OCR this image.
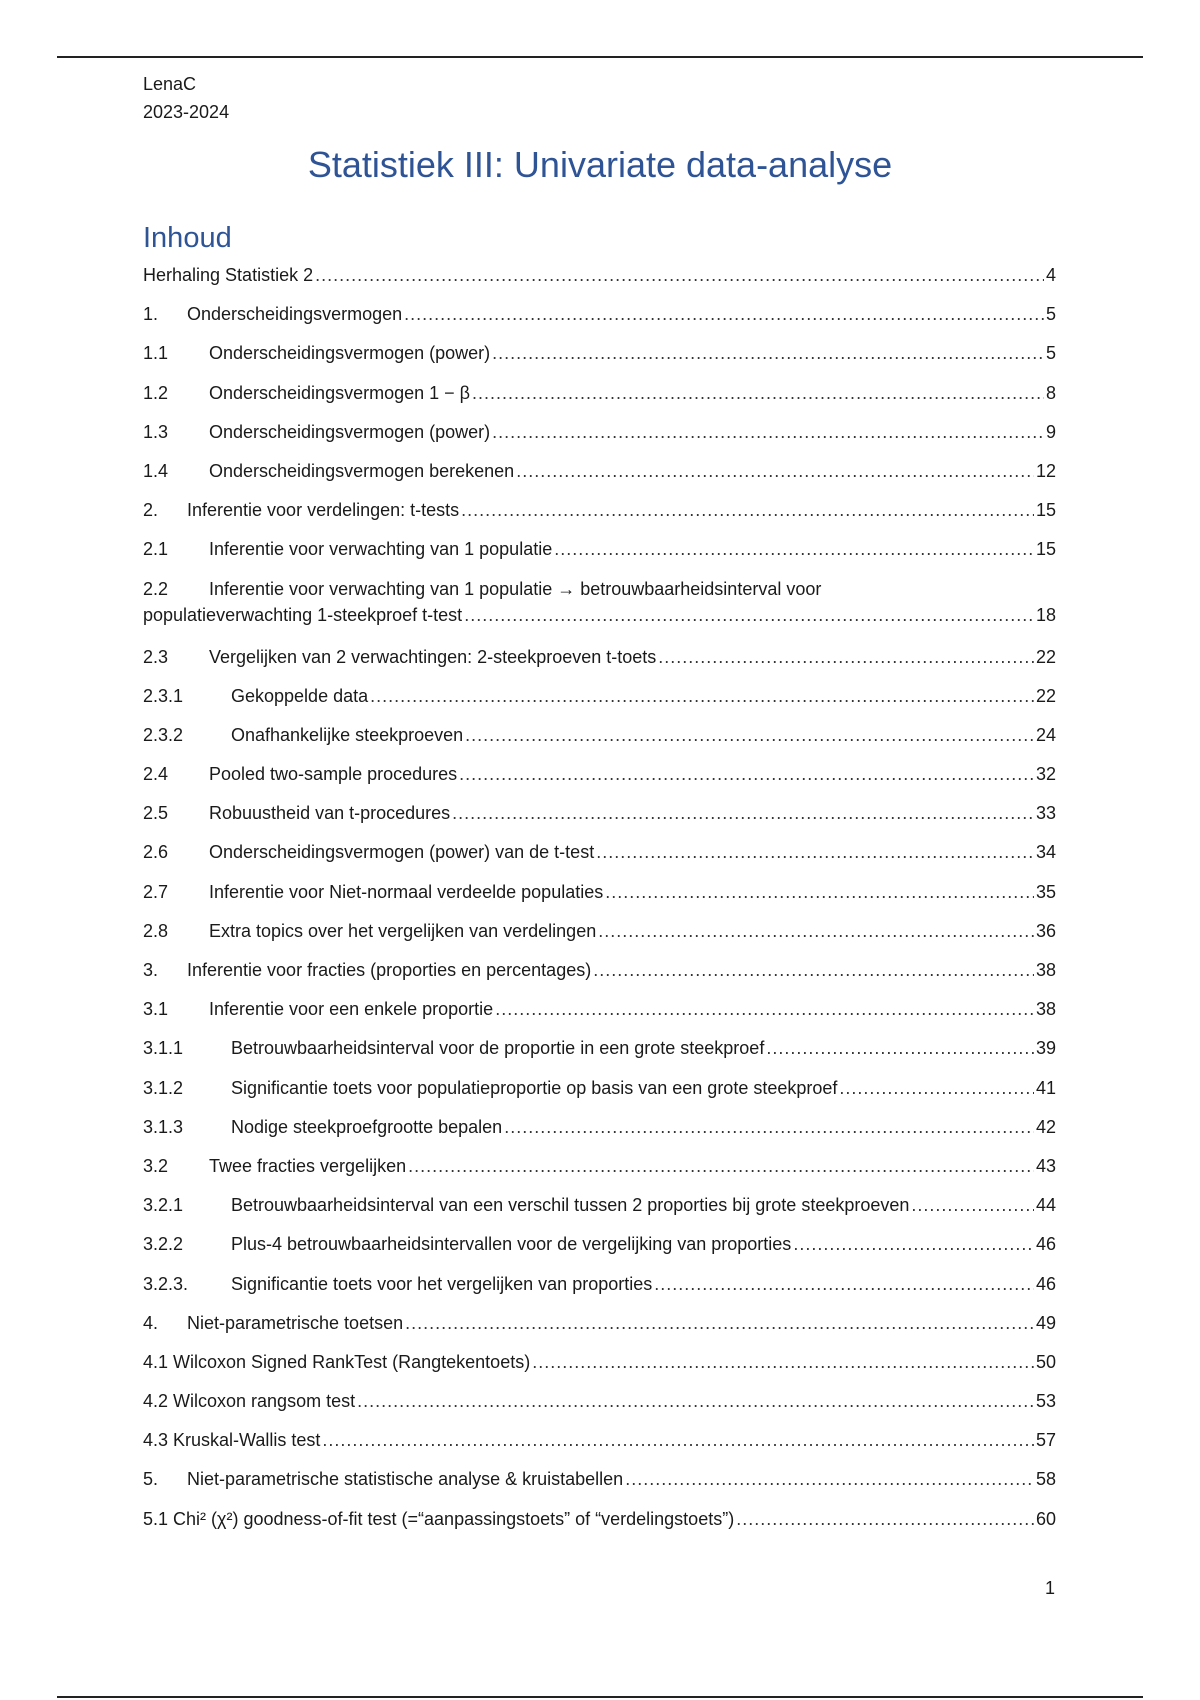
LenaC
2023-2024
Statistiek III: Univariate data-analyse
Inhoud
Herhaling Statistiek 2 .....	4
1.	Onderscheidingsvermogen .....	5
1.1	Onderscheidingsvermogen (power) .....	5
1.2	Onderscheidingsvermogen 1 − β .....	8
1.3	Onderscheidingsvermogen (power) .....	9
1.4	Onderscheidingsvermogen berekenen .....	12
2.	Inferentie voor verdelingen: t-tests .....	15
2.1	Inferentie voor verwachting van 1 populatie .....	15
2.2	Inferentie voor verwachting van 1 populatie → betrouwbaarheidsinterval voor
populatieverwachting 1-steekproef t-test .....	18
2.3	Vergelijken van 2 verwachtingen: 2-steekproeven t-toets .....	22
2.3.1	Gekoppelde data .....	22
2.3.2	Onafhankelijke steekproeven .....	24
2.4	Pooled two-sample procedures .....	32
2.5	Robuustheid van t-procedures .....	33
2.6	Onderscheidingsvermogen (power) van de t-test .....	34
2.7	Inferentie voor Niet-normaal verdeelde populaties .....	35
2.8	Extra topics over het vergelijken van verdelingen .....	36
3.	Inferentie voor fracties (proporties en percentages) .....	38
3.1	Inferentie voor een enkele proportie .....	38
3.1.1	Betrouwbaarheidsinterval voor de proportie in een grote steekproef .....	39
3.1.2	Significantie toets voor populatieproportie op basis van een grote steekproef .....	41
3.1.3	Nodige steekproefgrootte bepalen .....	42
3.2	Twee fracties vergelijken .....	43
3.2.1	Betrouwbaarheidsinterval van een verschil tussen 2 proporties bij grote steekproeven .....	44
3.2.2	Plus-4 betrouwbaarheidsintervallen voor de vergelijking van proporties .....	46
3.2.3.	Significantie toets voor het vergelijken van proporties .....	46
4.	Niet-parametrische toetsen .....	49
4.1 Wilcoxon Signed RankTest (Rangtekentoets) .....	50
4.2 Wilcoxon rangsom test .....	53
4.3 Kruskal-Wallis test .....	57
5.	Niet-parametrische statistische analyse & kruistabellen .....	58
5.1 Chi² (χ²) goodness-of-fit test (=“aanpassingstoets” of “verdelingstoets”) .....	60
1
